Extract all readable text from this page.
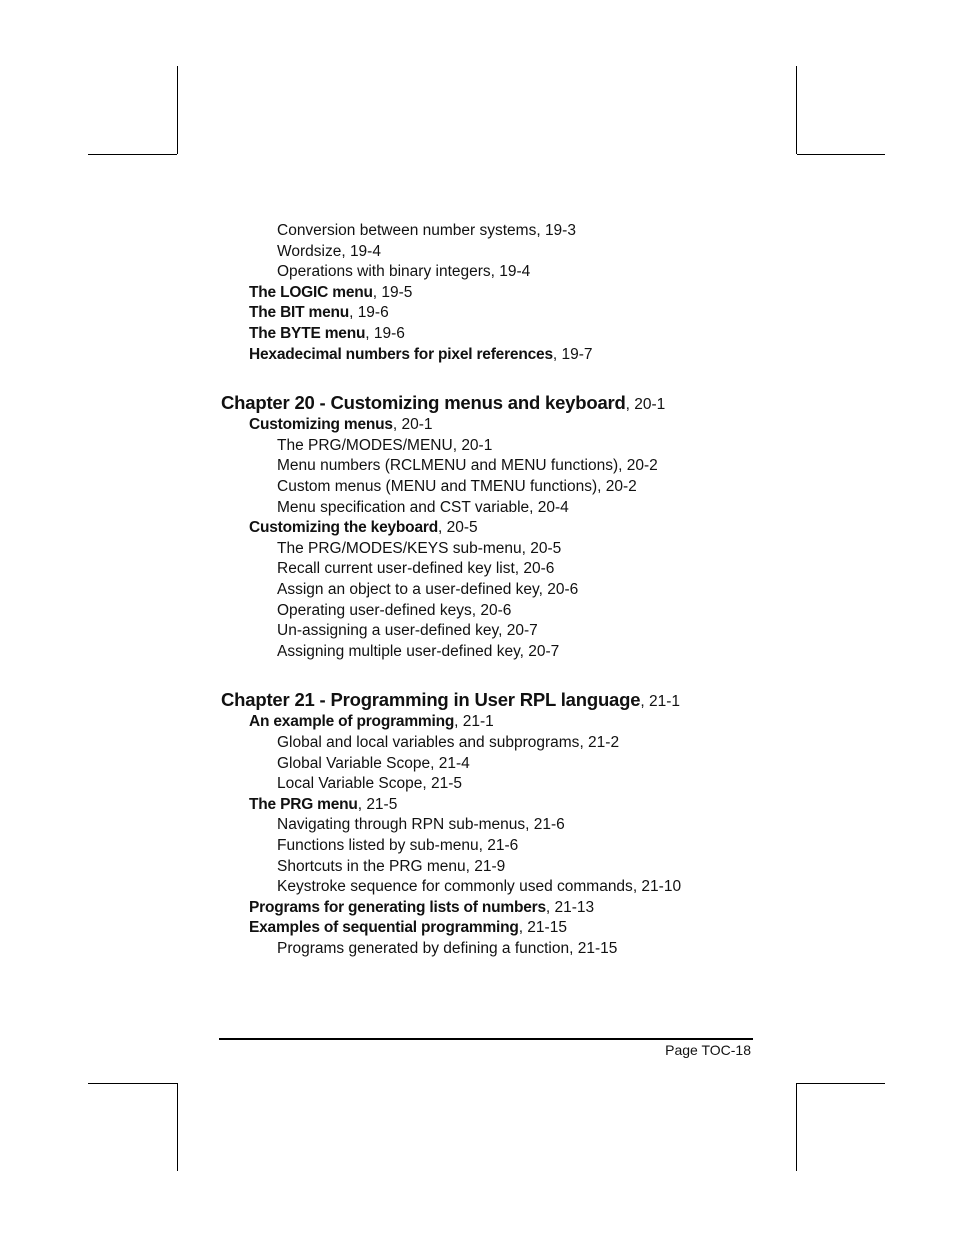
Conversion between number systems, 19-3
Wordsize, 19-4
Operations with binary integers, 19-4
The LOGIC menu, 19-5
The BIT menu, 19-6
The BYTE menu, 19-6
Hexadecimal numbers for pixel references, 19-7
Chapter 20 - Customizing menus and keyboard, 20-1
Customizing menus, 20-1
The PRG/MODES/MENU, 20-1
Menu numbers (RCLMENU and MENU functions), 20-2
Custom menus (MENU and TMENU functions), 20-2
Menu specification and CST variable, 20-4
Customizing the keyboard, 20-5
The PRG/MODES/KEYS sub-menu, 20-5
Recall current user-defined key list, 20-6
Assign an object to a user-defined key, 20-6
Operating user-defined keys, 20-6
Un-assigning a user-defined key, 20-7
Assigning multiple user-defined key, 20-7
Chapter 21 - Programming in User RPL language, 21-1
An example of programming, 21-1
Global and local variables and subprograms, 21-2
Global Variable Scope, 21-4
Local Variable Scope, 21-5
The PRG menu, 21-5
Navigating through RPN sub-menus, 21-6
Functions listed by sub-menu, 21-6
Shortcuts in the PRG menu, 21-9
Keystroke sequence for commonly used commands, 21-10
Programs for generating lists of numbers, 21-13
Examples of sequential programming, 21-15
Programs generated by defining a function, 21-15
Page TOC-18
